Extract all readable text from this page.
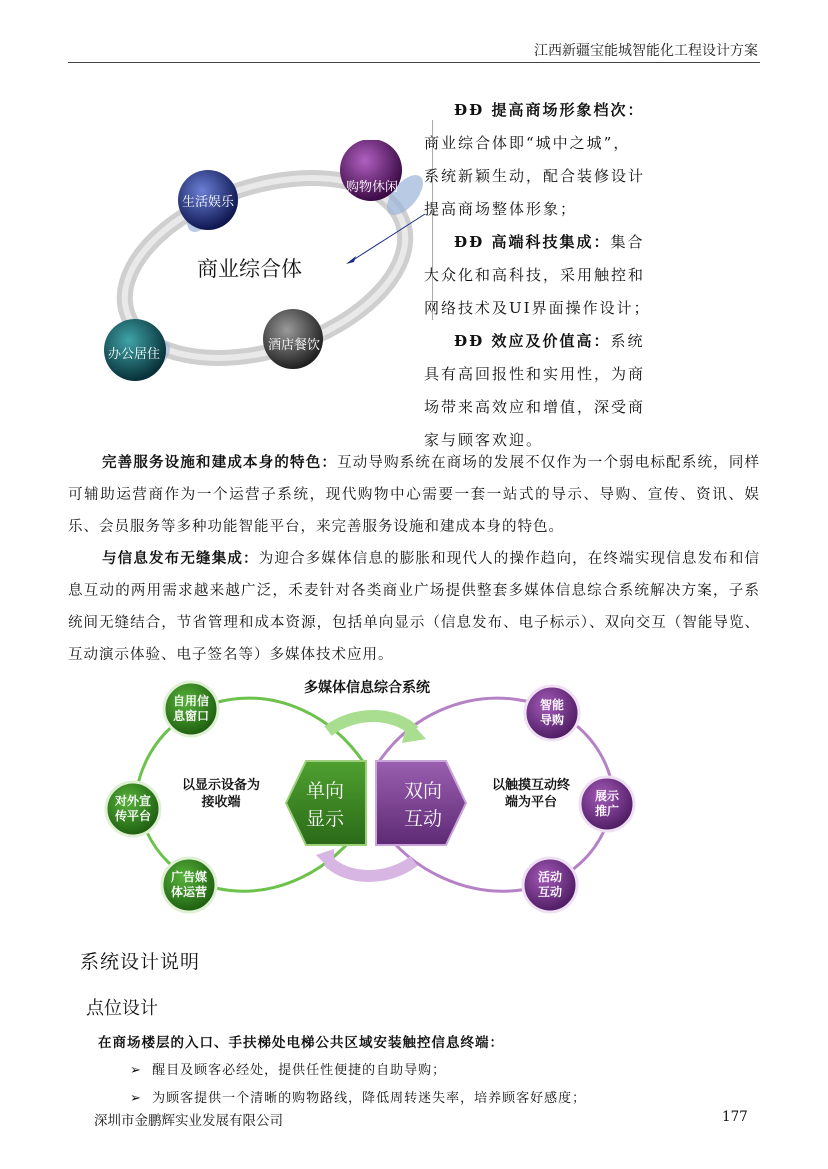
江西新疆宝能城智能化工程设计方案
生活娱乐
购物休闲
办公居住
酒店餐饮
商业综合体
ÐÐ 提高商场形象档次：
商业综合体即“城中之城”，
系统新颖生动，配合装修设计
提高商场整体形象；
ÐÐ 高端科技集成：集合
大众化和高科技，采用触控和
网络技术及UI界面操作设计；
ÐÐ 效应及价值高：系统
具有高回报性和实用性，为商
场带来高效应和增值，深受商
家与顾客欢迎。
完善服务设施和建成本身的特色：互动导购系统在商场的发展不仅作为一个弱电标配系统，同样可辅助运营商作为一个运营子系统，现代购物中心需要一套一站式的导示、导购、宣传、资讯、娱乐、会员服务等多种功能智能平台，来完善服务设施和建成本身的特色。
与信息发布无缝集成：为迎合多媒体信息的膨胀和现代人的操作趋向，在终端实现信息发布和信息互动的两用需求越来越广泛，禾麦针对各类商业广场提供整套多媒体信息综合系统解决方案，子系统间无缝结合，节省管理和成本资源，包括单向显示（信息发布、电子标示）、双向交互（智能导览、互动演示体验、电子签名等）多媒体技术应用。
多媒体信息综合系统
单向
显示
双向
互动
以显示设备为
接收端
以触摸互动终
端为平台
自用信
息窗口
对外宣
传平台
广告媒
体运营
智能
导购
展示
推广
活动
互动
系统设计说明
点位设计
在商场楼层的入口、手扶梯处电梯公共区域安装触控信息终端：
➢ 醒目及顾客必经处，提供任性便捷的自助导购；
➢ 为顾客提供一个清晰的购物路线，降低周转迷失率，培养顾客好感度；
深圳市金鹏辉实业发展有限公司	177
